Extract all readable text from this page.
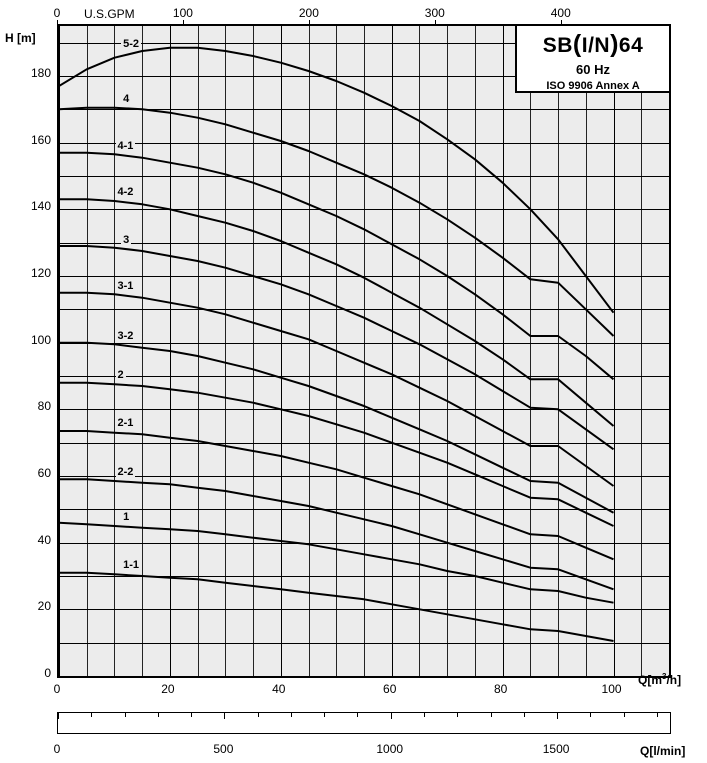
U.S.GPM
H [m]	SB(I/N)64
60 Hz
ISO 9906 Annex A
5-2
4
4-1
4-2
3
3-1
3-2
2
2-1
2-2
1
1-1
0
20
40
60
80
100
120
140
160
180
0	20	40	60	80	100
0	100	200	300	400
$Q[m^3/h]$
0	500	1000	1500	Q[l/min]
